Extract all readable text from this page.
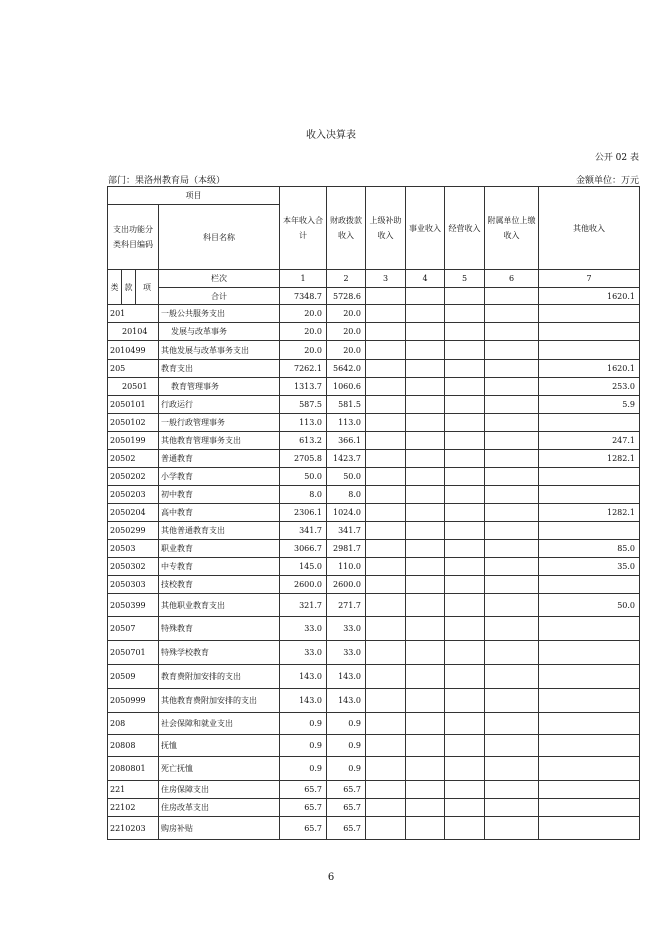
收入决算表
公开 02 表
部门：果洛州教育局（本级）	金额单位：万元
项目				本年收入合计	财政拨款收入	上级补助收入	事业收入	经营收入	附属单位上缴收入	其他收入
支出功能分类科目编码			科目名称							
类	款	项	栏次	1	2	3	4	5	6	7
			合计	7348.7	5728.6					1620.1
201			一般公共服务支出	20.0	20.0					
20104			发展与改革事务	20.0	20.0					
2010499			其他发展与改革事务支出	20.0	20.0					
205			教育支出	7262.1	5642.0					1620.1
20501			教育管理事务	1313.7	1060.6					253.0
2050101			行政运行	587.5	581.5					5.9
2050102			一般行政管理事务	113.0	113.0					
2050199			其他教育管理事务支出	613.2	366.1					247.1
20502			普通教育	2705.8	1423.7					1282.1
2050202			小学教育	50.0	50.0					
2050203			初中教育	8.0	8.0					
2050204			高中教育	2306.1	1024.0					1282.1
2050299			其他普通教育支出	341.7	341.7					
20503			职业教育	3066.7	2981.7					85.0
2050302			中专教育	145.0	110.0					35.0
2050303			技校教育	2600.0	2600.0					
2050399			其他职业教育支出	321.7	271.7					50.0
20507			特殊教育	33.0	33.0					
2050701			特殊学校教育	33.0	33.0					
20509			教育费附加安排的支出	143.0	143.0					
2050999			其他教育费附加安排的支出	143.0	143.0					
208			社会保障和就业支出	0.9	0.9					
20808			抚恤	0.9	0.9					
2080801			死亡抚恤	0.9	0.9					
221			住房保障支出	65.7	65.7					
22102			住房改革支出	65.7	65.7					
2210203			购房补贴	65.7	65.7					
6
